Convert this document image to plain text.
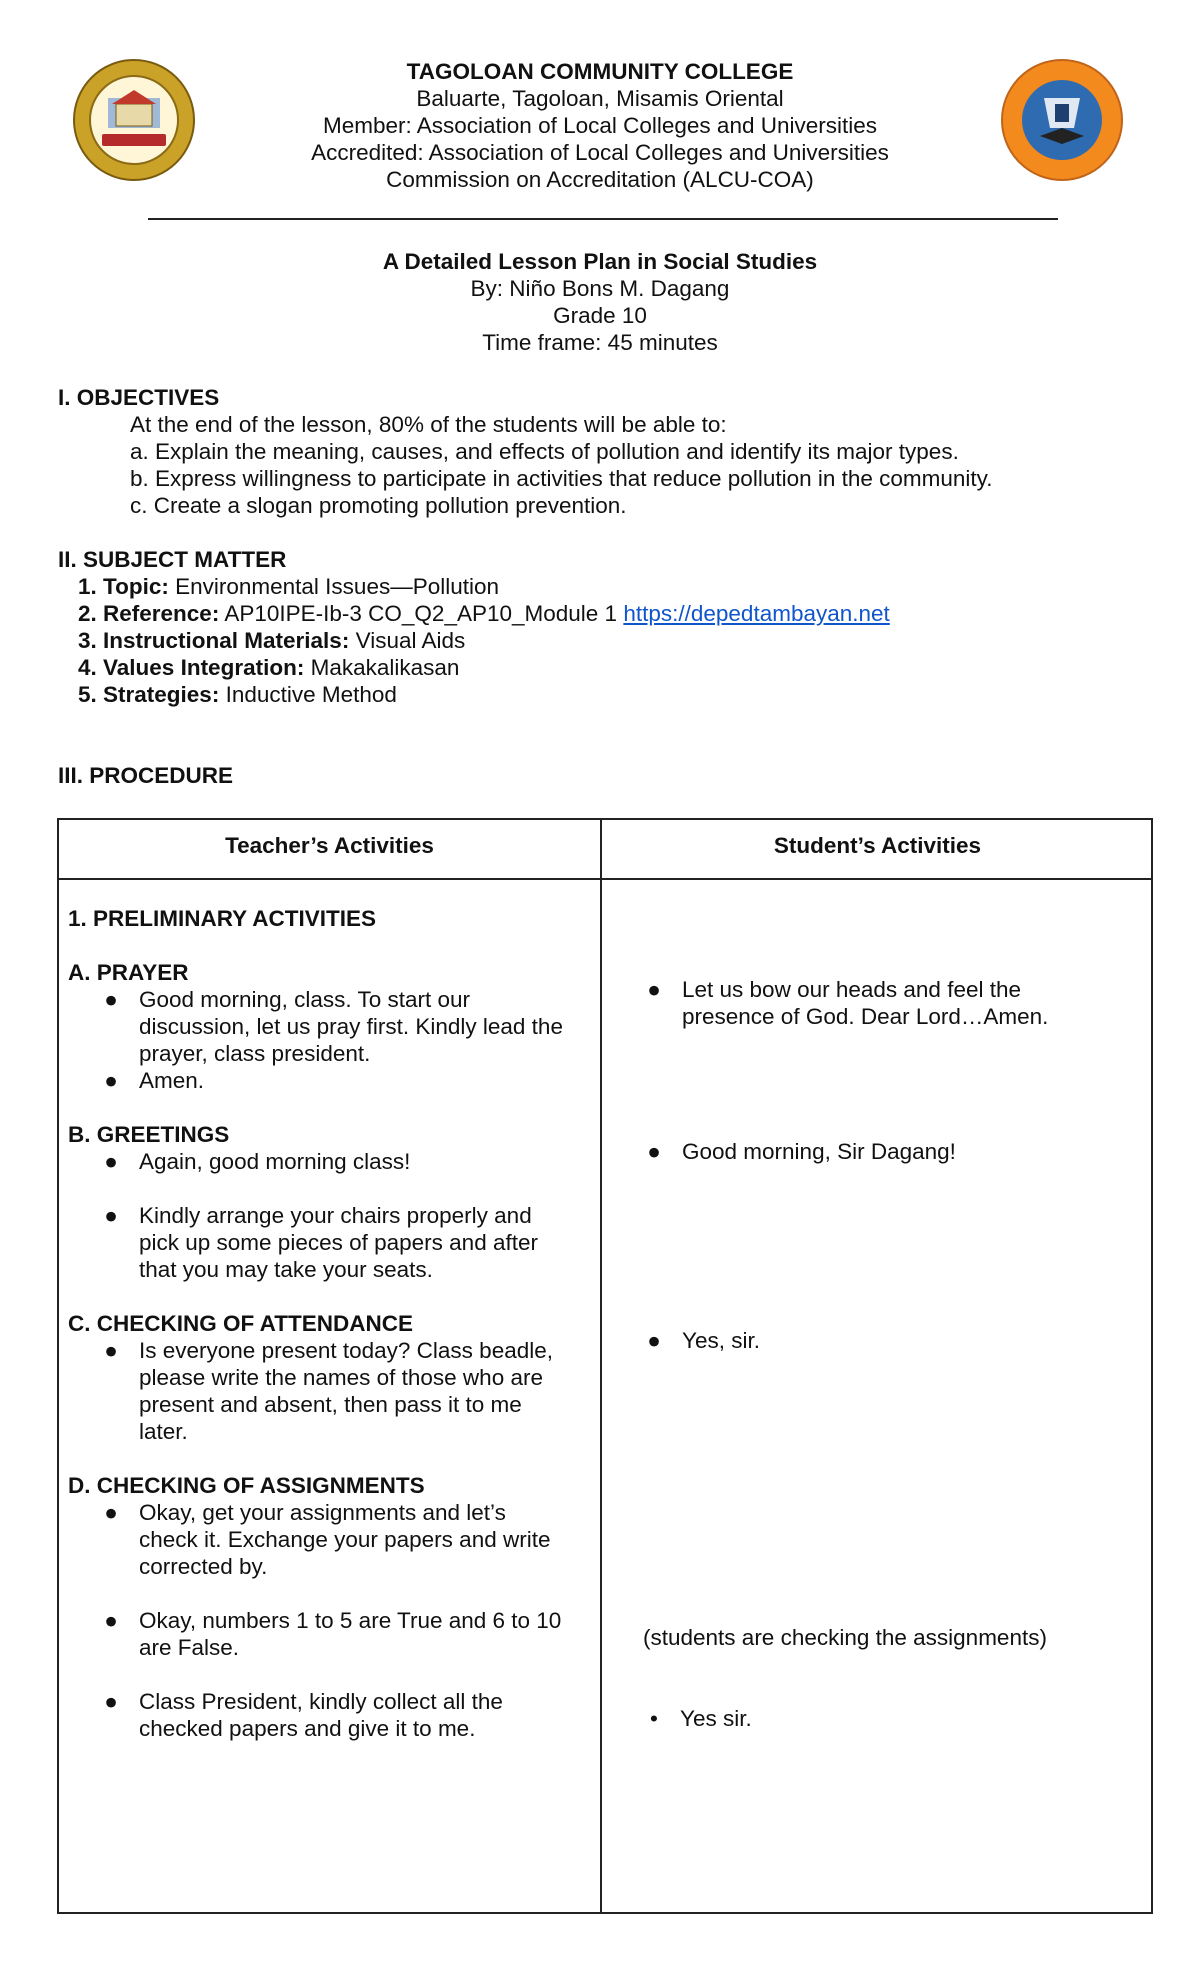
TAGOLOAN COMMUNITY COLLEGE
Baluarte, Tagoloan, Misamis Oriental
Member: Association of Local Colleges and Universities
Accredited: Association of Local Colleges and Universities
Commission on Accreditation (ALCU-COA)
A Detailed Lesson Plan in Social Studies
By: Niño Bons M. Dagang
Grade 10
Time frame: 45 minutes
I. OBJECTIVES
At the end of the lesson, 80% of the students will be able to:
a. Explain the meaning, causes, and effects of pollution and identify its major types.
b. Express willingness to participate in activities that reduce pollution in the community.
c. Create a slogan promoting pollution prevention.
II. SUBJECT MATTER
1. Topic: Environmental Issues—Pollution
2. Reference: AP10IPE-Ib-3 CO_Q2_AP10_Module 1 https://depedtambayan.net
3. Instructional Materials: Visual Aids
4. Values Integration: Makakalikasan
5. Strategies: Inductive Method
III. PROCEDURE
Teacher’s Activities	Student’s Activities
1. PRELIMINARY ACTIVITIES
A. PRAYER
● Good morning, class. To start our
discussion, let us pray first. Kindly lead the
prayer, class president.
● Amen.
B. GREETINGS
● Again, good morning class!
● Kindly arrange your chairs properly and
pick up some pieces of papers and after
that you may take your seats.
C. CHECKING OF ATTENDANCE
● Is everyone present today? Class beadle,
please write the names of those who are
present and absent, then pass it to me
later.
D. CHECKING OF ASSIGNMENTS
● Okay, get your assignments and let’s
check it. Exchange your papers and write
corrected by.
● Okay, numbers 1 to 5 are True and 6 to 10
are False.
● Class President, kindly collect all the
checked papers and give it to me.
● Let us bow our heads and feel the
presence of God. Dear Lord…Amen.
● Good morning, Sir Dagang!
● Yes, sir.
(students are checking the assignments)
• Yes sir.
